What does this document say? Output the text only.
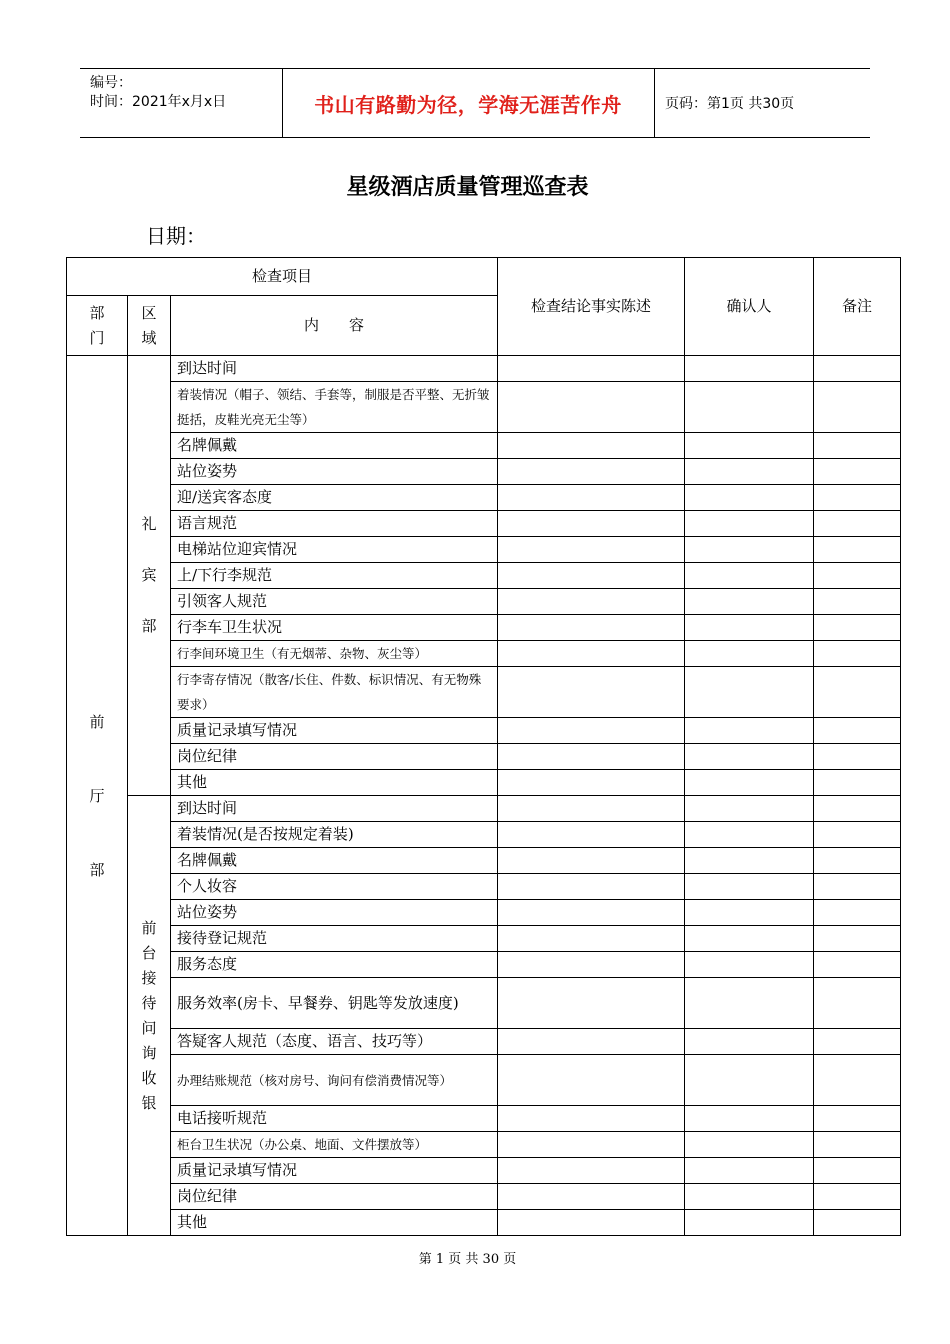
编号：
时间：2021年x月x日	书山有路勤为径，学海无涯苦作舟	页码：第1页 共30页
星级酒店质量管理巡查表
日期：
检查项目			检查结论事实陈述	确认人	备注
部门	区域	内　　容			
前厅部	礼宾部	到达时间			
		着装情况（帽子、领结、手套等，制服是否平整、无折皱挺括，皮鞋光亮无尘等）			
		名牌佩戴			
		站位姿势			
		迎/送宾客态度			
		语言规范			
		电梯站位迎宾情况			
		上/下行李规范			
		引领客人规范			
		行李车卫生状况			
		行李间环境卫生（有无烟蒂、杂物、灰尘等）			
		行李寄存情况（散客/长住、件数、标识情况、有无物殊要求）			
		质量记录填写情况			
		岗位纪律			
		其他			
	前台接待问询收银	到达时间			
		着装情况(是否按规定着装)			
		名牌佩戴			
		个人妆容			
		站位姿势			
		接待登记规范			
		服务态度			
		服务效率(房卡、早餐券、钥匙等发放速度)			
		答疑客人规范（态度、语言、技巧等）			
		办理结账规范（核对房号、询问有偿消费情况等）			
		电话接听规范			
		柜台卫生状况（办公桌、地面、文件摆放等）			
		质量记录填写情况			
		岗位纪律			
		其他			
第 1 页 共 30 页
